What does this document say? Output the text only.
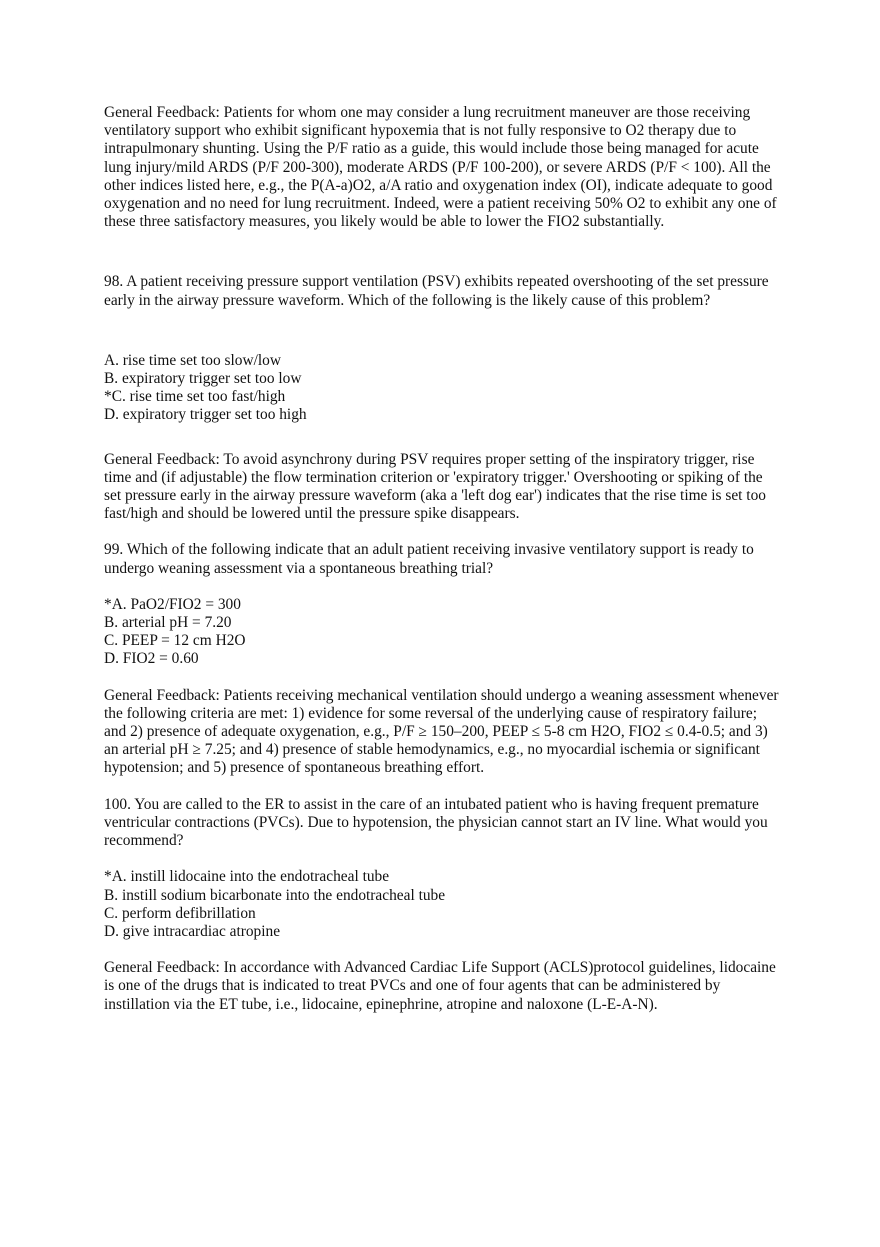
General Feedback: Patients for whom one may consider a lung recruitment maneuver are those receiving ventilatory support who exhibit significant hypoxemia that is not fully responsive to O2 therapy due to intrapulmonary shunting. Using the P/F ratio as a guide, this would include those being managed for acute lung injury/mild ARDS (P/F 200-300), moderate ARDS (P/F 100-200), or severe ARDS (P/F < 100). All the other indices listed here, e.g., the P(A-a)O2, a/A ratio and oxygenation index (OI), indicate adequate to good oxygenation and no need for lung recruitment. Indeed, were a patient receiving 50% O2 to exhibit any one of these three satisfactory measures, you likely would be able to lower the FIO2 substantially.

98. A patient receiving pressure support ventilation (PSV) exhibits repeated overshooting of the set pressure early in the airway pressure waveform. Which of the following is the likely cause of this problem?

A. rise time set too slow/low
B. expiratory trigger set too low
*C. rise time set too fast/high
D. expiratory trigger set too high

General Feedback: To avoid asynchrony during PSV requires proper setting of the inspiratory trigger, rise time and (if adjustable) the flow termination criterion or 'expiratory trigger.' Overshooting or spiking of the set pressure early in the airway pressure waveform (aka a 'left dog ear') indicates that the rise time is set too fast/high and should be lowered until the pressure spike disappears.

99. Which of the following indicate that an adult patient receiving invasive ventilatory support is ready to undergo weaning assessment via a spontaneous breathing trial?

*A. PaO2/FIO2 = 300
B. arterial pH = 7.20
C. PEEP = 12 cm H2O
D. FIO2 = 0.60

General Feedback: Patients receiving mechanical ventilation should undergo a weaning assessment whenever the following criteria are met: 1) evidence for some reversal of the underlying cause of respiratory failure; and 2) presence of adequate oxygenation, e.g., P/F ≥ 150–200, PEEP ≤ 5-8 cm H2O, FIO2 ≤ 0.4-0.5; and 3) an arterial pH ≥ 7.25; and 4) presence of stable hemodynamics, e.g., no myocardial ischemia or significant hypotension; and 5) presence of spontaneous breathing effort.

100. You are called to the ER to assist in the care of an intubated patient who is having frequent premature ventricular contractions (PVCs). Due to hypotension, the physician cannot start an IV line. What would you recommend?

*A. instill lidocaine into the endotracheal tube
B. instill sodium bicarbonate into the endotracheal tube
C. perform defibrillation
D. give intracardiac atropine

General Feedback: In accordance with Advanced Cardiac Life Support (ACLS)protocol guidelines, lidocaine is one of the drugs that is indicated to treat PVCs and one of four agents that can be administered by instillation via the ET tube, i.e., lidocaine, epinephrine, atropine and naloxone (L-E-A-N).
